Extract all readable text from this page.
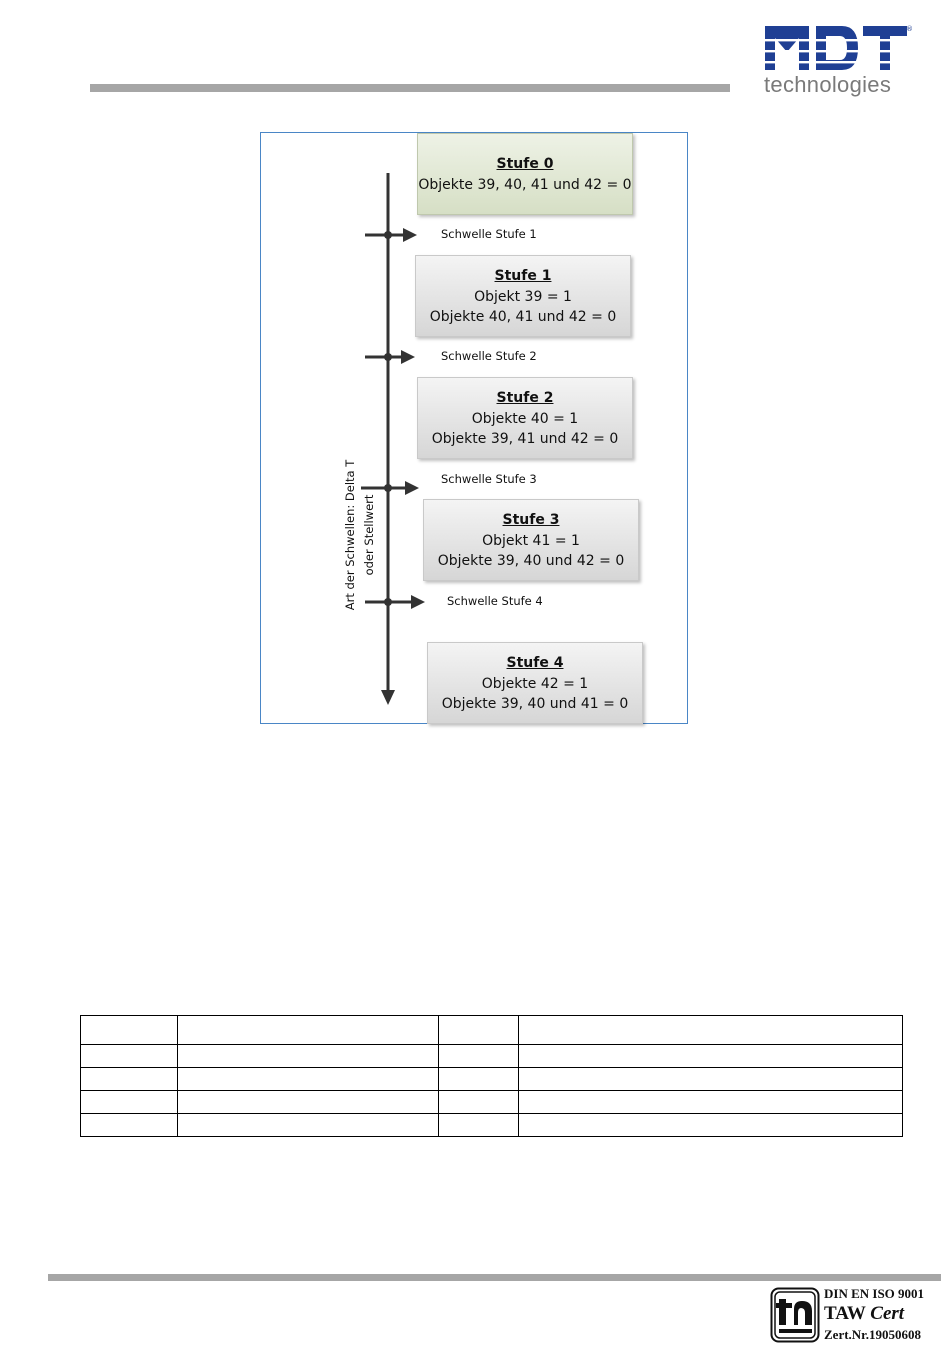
®
technologies
Art der Schwellen: Delta T oder Stellwert
Stufe 0
Objekte 39, 40, 41 und 42 = 0
Schwelle Stufe 1
Stufe 1
Objekt 39 = 1
Objekte 40, 41 und 42 = 0
Schwelle Stufe 2
Stufe 2
Objekte 40 = 1
Objekte 39, 41 und 42 = 0
Schwelle Stufe 3
Stufe 3
Objekt 41 = 1
Objekte 39, 40 und 42 = 0
Schwelle Stufe 4
Stufe 4
Objekte 42 = 1
Objekte 39, 40 und 41 = 0

DIN EN ISO 9001
TAW Cert
Zert.Nr.19050608
